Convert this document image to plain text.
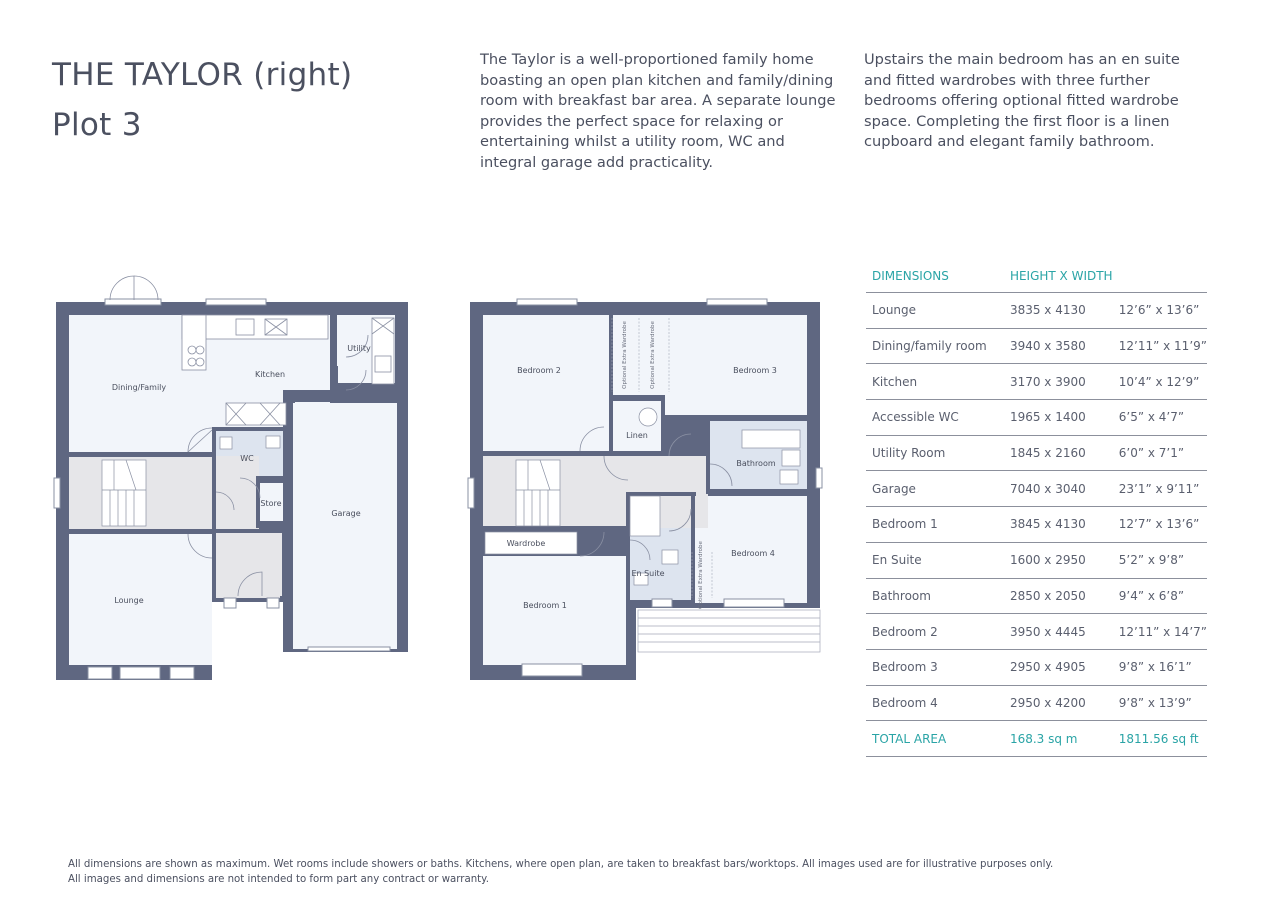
THE TAYLOR (right)
Plot 3

The Taylor is a well-proportioned family home boasting an open plan kitchen and family/dining room with breakfast bar area. A separate lounge provides the perfect space for relaxing or entertaining whilst a utility room, WC and integral garage add practicality.

Upstairs the main bedroom has an en suite and fitted wardrobes with three further bedrooms offering optional fitted wardrobe space. Completing the first floor is a linen cupboard and elegant family bathroom.

Dining/Family
Kitchen
Utility
WC
Store
Garage
Lounge
Bedroom 2	Bedroom 3
Linen
Bathroom
Wardrobe
Bedroom 1
En Suite
Bedroom 4
Optional Extra Wardrobe	Optional Extra Wardrobe
Optional Extra Wardrobe
DIMENSIONS	HEIGHT X WIDTH	
Lounge	3835 x 4130	12’6” x 13’6”
Dining/family room	3940 x 3580	12’11” x 11’9”
Kitchen	3170 x 3900	10’4” x 12’9”
Accessible WC	1965 x 1400	6’5” x 4’7”
Utility Room	1845 x 2160	6’0” x 7’1”
Garage	7040 x 3040	23’1” x 9’11”
Bedroom 1	3845 x 4130	12’7” x 13’6”
En Suite	1600 x 2950	5’2” x 9’8”
Bathroom	2850 x 2050	9’4” x 6’8”
Bedroom 2	3950 x 4445	12’11” x 14’7”
Bedroom 3	2950 x 4905	9’8” x 16’1”
Bedroom 4	2950 x 4200	9’8” x 13’9”
TOTAL AREA	168.3 sq m	1811.56 sq ft

All dimensions are shown as maximum. Wet rooms include showers or baths. Kitchens, where open plan, are taken to breakfast bars/worktops. All images used are for illustrative purposes only.
All images and dimensions are not intended to form part any contract or warranty.
